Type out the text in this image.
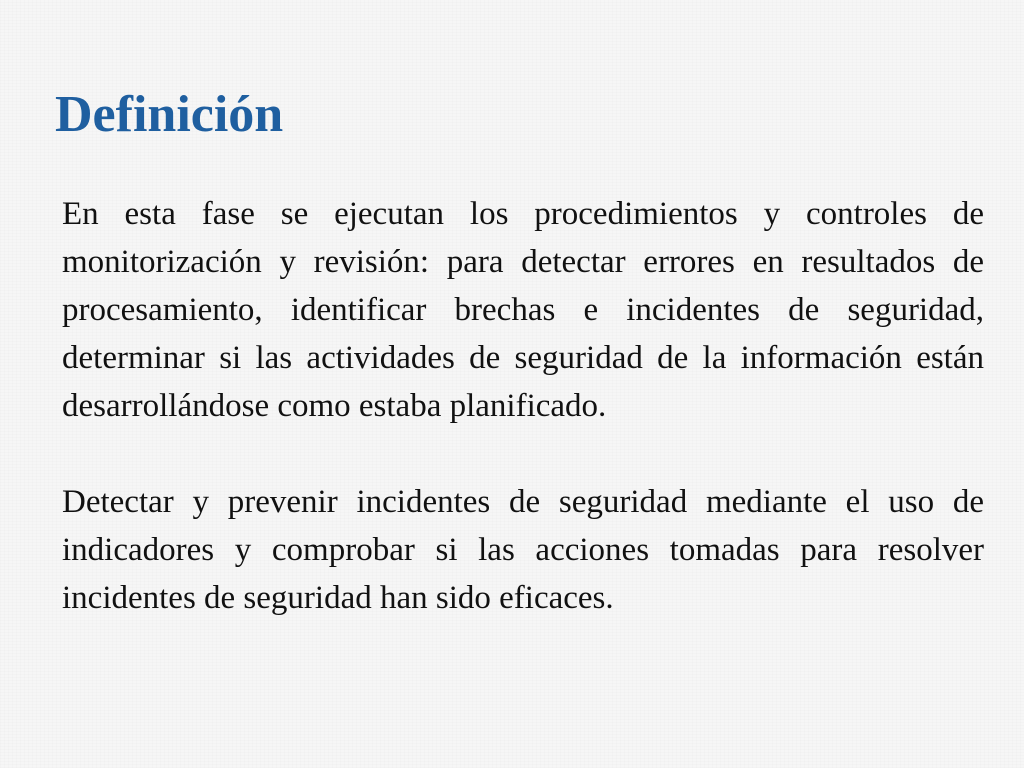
Definición

En esta fase se ejecutan los procedimientos y controles de monitorización y revisión: para detectar errores en resultados de procesamiento, identificar brechas e incidentes de seguridad, determinar si las actividades de seguridad de la información están desarrollándose como estaba planificado.

Detectar y prevenir incidentes de seguridad mediante el uso de indicadores y comprobar si las acciones tomadas para resolver incidentes de seguridad han sido eficaces.
